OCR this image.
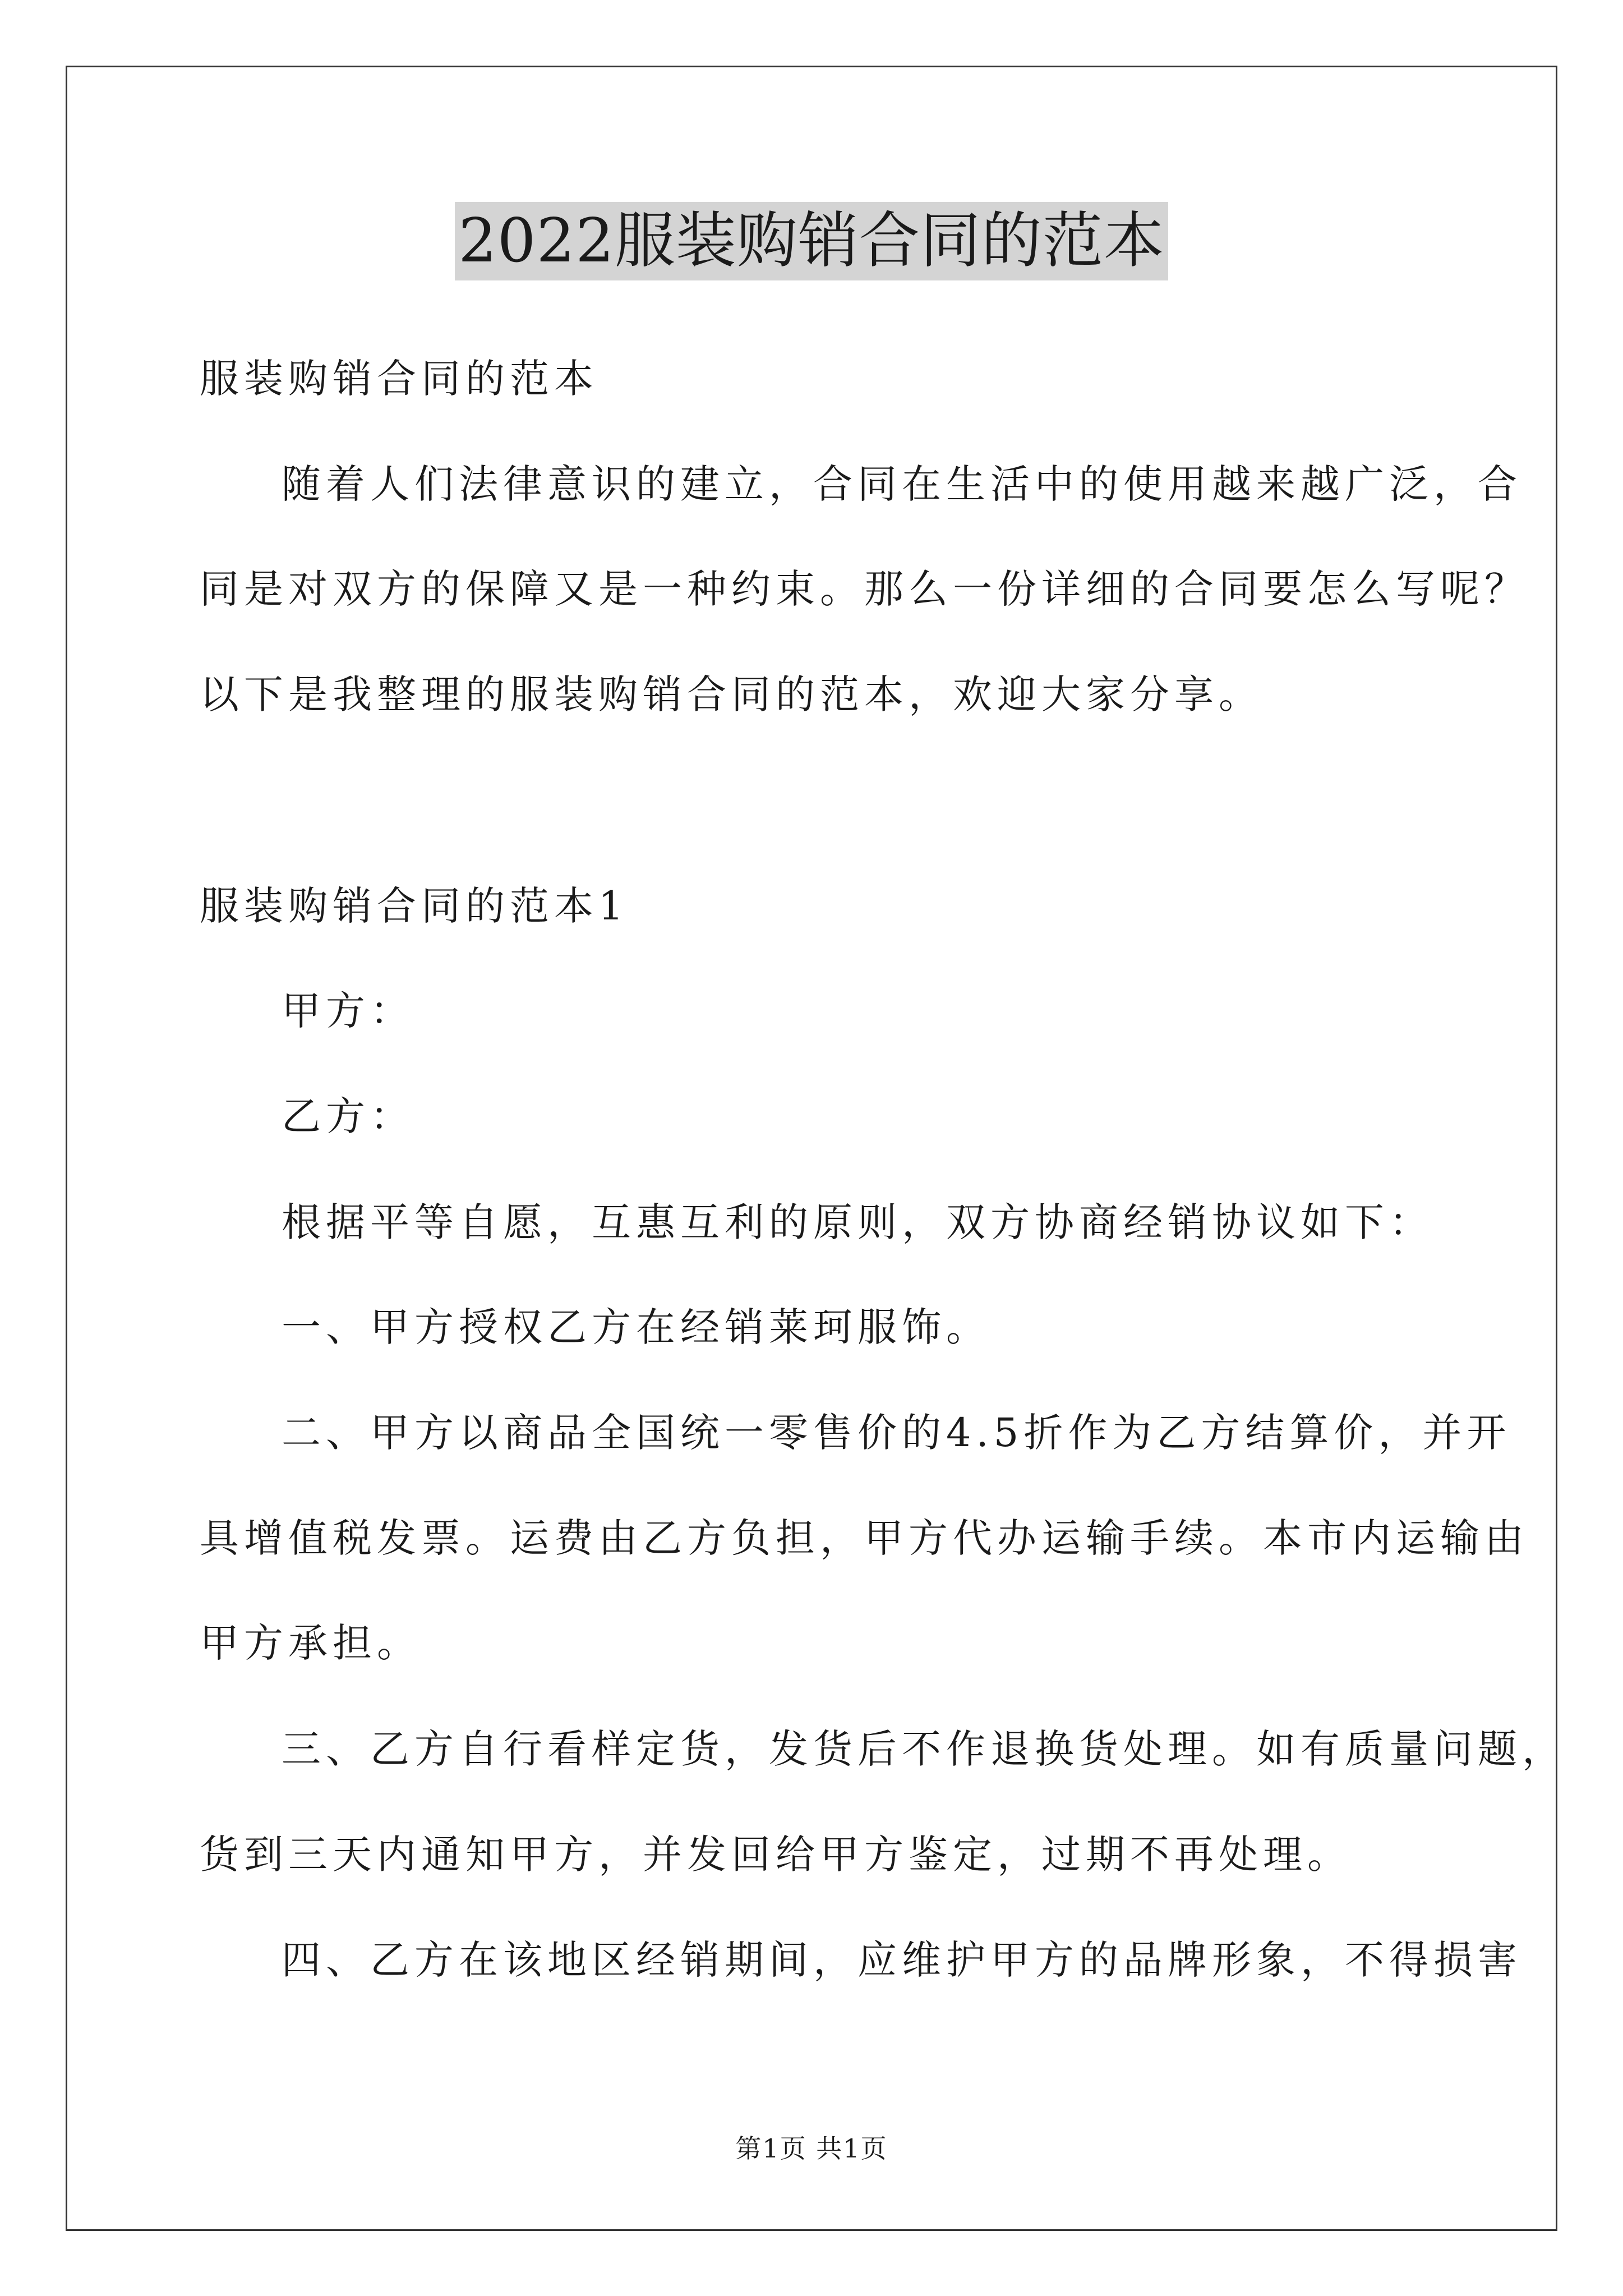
2022服装购销合同的范本
服装购销合同的范本
随着人们法律意识的建立，合同在生活中的使用越来越广泛，合
同是对双方的保障又是一种约束。那么一份详细的合同要怎么写呢？
以下是我整理的服装购销合同的范本，欢迎大家分享。
服装购销合同的范本1
甲方：
乙方：
根据平等自愿，互惠互利的原则，双方协商经销协议如下：
一、甲方授权乙方在经销莱珂服饰。
二、甲方以商品全国统一零售价的4.5折作为乙方结算价，并开
具增值税发票。运费由乙方负担，甲方代办运输手续。本市内运输由
甲方承担。
三、乙方自行看样定货，发货后不作退换货处理。如有质量问题，
货到三天内通知甲方，并发回给甲方鉴定，过期不再处理。
四、乙方在该地区经销期间，应维护甲方的品牌形象，不得损害
第1页 共1页
